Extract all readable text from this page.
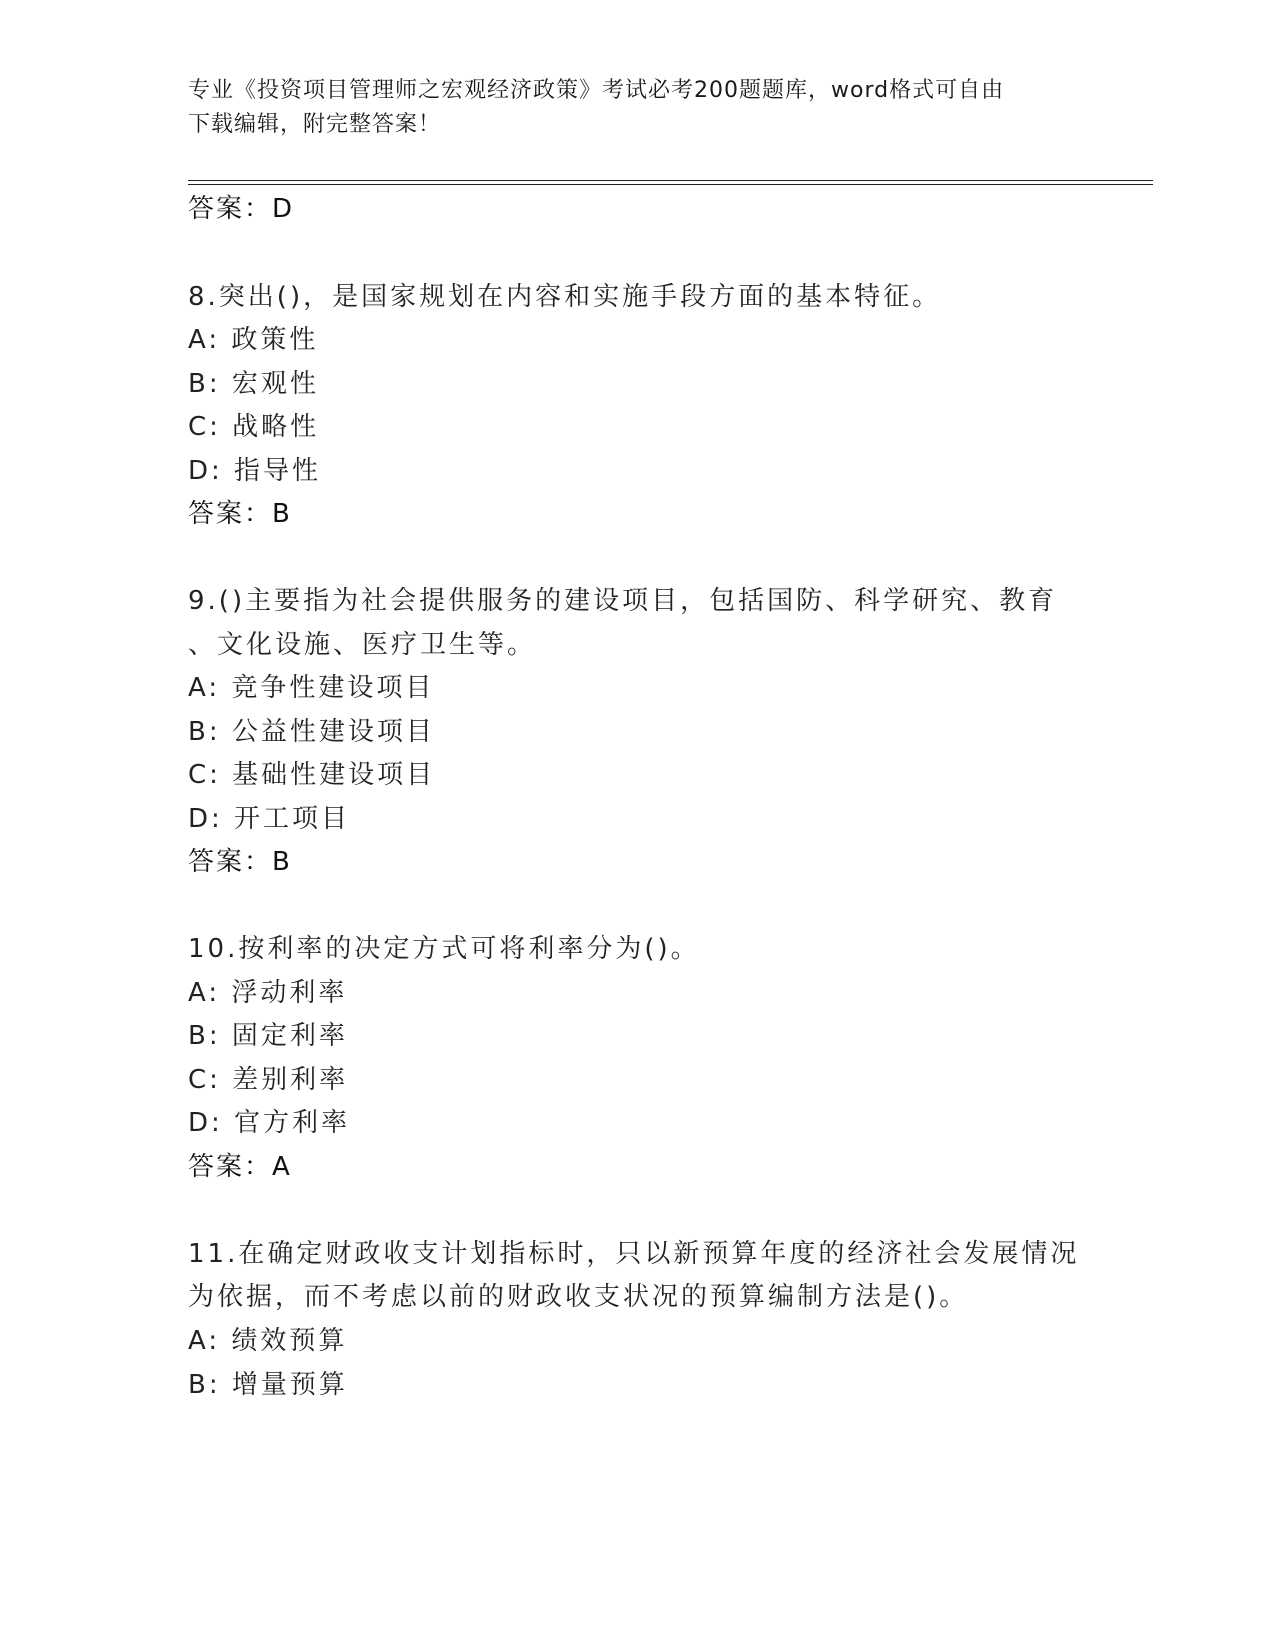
专业《投资项目管理师之宏观经济政策》考试必考200题题库，word格式可自由
下载编辑，附完整答案！
答案：D
8.突出()，是国家规划在内容和实施手段方面的基本特征。
A: 政策性
B: 宏观性
C: 战略性
D: 指导性
答案：B
9.()主要指为社会提供服务的建设项目，包括国防、科学研究、教育
、文化设施、医疗卫生等。
A: 竞争性建设项目
B: 公益性建设项目
C: 基础性建设项目
D: 开工项目
答案：B
10.按利率的决定方式可将利率分为()。
A: 浮动利率
B: 固定利率
C: 差别利率
D: 官方利率
答案：A
11.在确定财政收支计划指标时，只以新预算年度的经济社会发展情况
为依据，而不考虑以前的财政收支状况的预算编制方法是()。
A: 绩效预算
B: 增量预算
